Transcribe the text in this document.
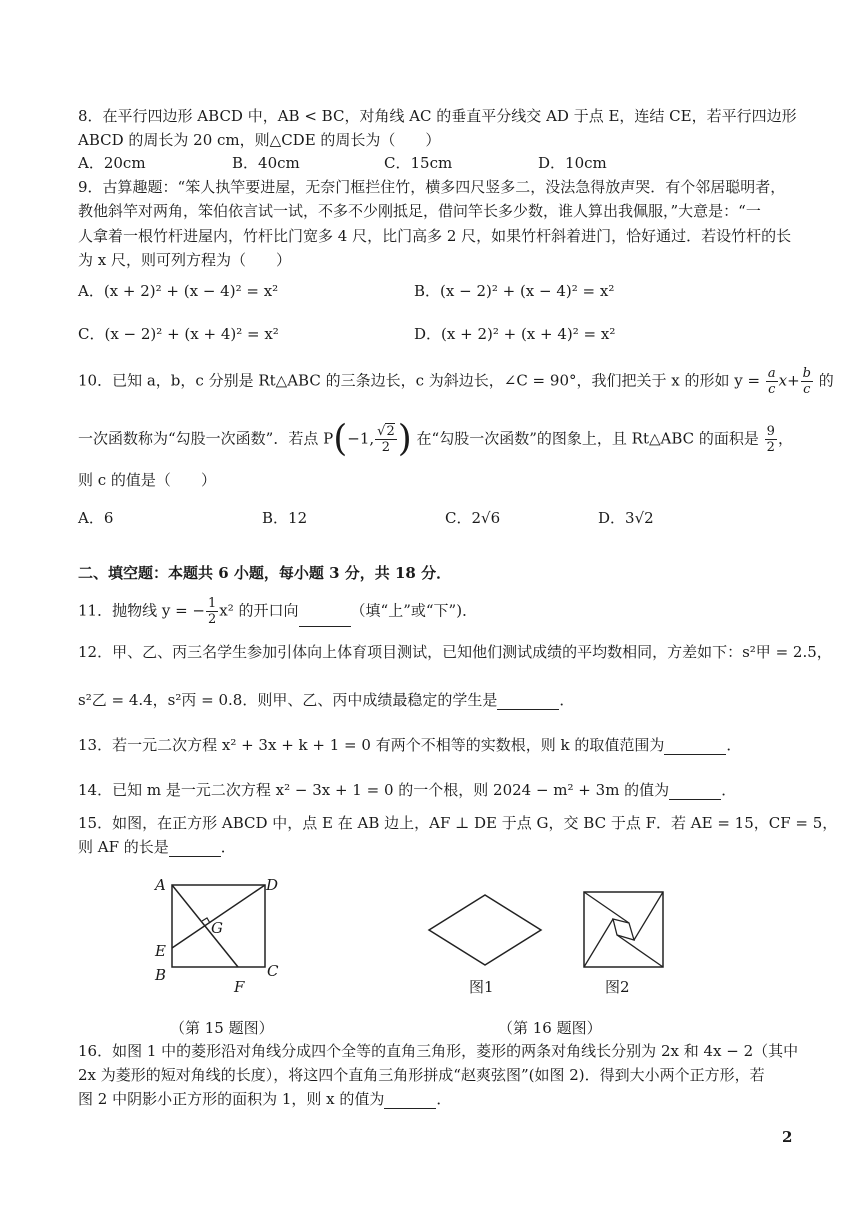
8．在平行四边形 ABCD 中，AB < BC，对角线 AC 的垂直平分线交 AD 于点 E，连结 CE，若平行四边形
ABCD 的周长为 20 cm，则△CDE 的周长为（　　）
A．20cm	B．40cm	C．15cm	D．10cm
9．古算趣题：“笨人执竿要进屋，无奈门框拦住竹，横多四尺竖多二，没法急得放声哭．有个邻居聪明者，
教他斜竿对两角，笨伯依言试一试，不多不少刚抵足，借问竿长多少数，谁人算出我佩服，”大意是：“一
人拿着一根竹杆进屋内，竹杆比门宽多 4 尺，比门高多 2 尺，如果竹杆斜着进门，恰好通过．若设竹杆的长
为 x 尺，则可列方程为（　　）
A．(x + 2)² + (x − 4)² = x²	B．(x − 2)² + (x − 4)² = x²
C．(x − 2)² + (x + 4)² = x²	D．(x + 2)² + (x + 4)² = x²
10．已知 a，b，c 分别是 Rt△ABC 的三条边长，c 为斜边长，∠C = 90°，我们把关于 x 的形如 $y = \frac{a}{c} x+ \frac{b}{c}$ 的
一次函数称为“勾股一次函数”．若点 P(−1, $\frac{√2}{2}$ ) 在“勾股一次函数”的图象上，且 Rt△ABC 的面积是 $\frac{9}{2}$ ，
则 c 的值是（　　）
A．6	B．12	C．2√6	D．3√2
二、填空题：本题共 6 小题，每小题 3 分，共 18 分．
11．抛物线 y = − $\frac{1}{2} x^2$ 的开口向	（填“上”或“下”)．
12．甲、乙、丙三名学生参加引体向上体育项目测试，已知他们测试成绩的平均数相同，方差如下：s²甲 = 2.5，
s²乙 = 4.4，s²丙 = 0.8．则甲、乙、丙中成绩最稳定的学生是	．
13．若一元二次方程 x² + 3x + k + 1 = 0 有两个不相等的实数根，则 k 的取值范围为	．
14．已知 m 是一元二次方程 x² − 3x + 1 = 0 的一个根，则 2024 − m² + 3m 的值为	．
15．如图，在正方形 ABCD 中，点 E 在 AB 边上，AF ⊥ DE 于点 G，交 BC 于点 F．若 AE = 15，CF = 5，
则 AF 的长是	．
A	D
G
E
B	C
F	图1	图2
（第 15 题图）	（第 16 题图）
16．如图 1 中的菱形沿对角线分成四个全等的直角三角形，菱形的两条对角线长分别为 2x 和 4x − 2（其中
2x 为菱形的短对角线的长度），将这四个直角三角形拼成“赵爽弦图”(如图 2)．得到大小两个正方形，若
图 2 中阴影小正方形的面积为 1，则 x 的值为	．
2
